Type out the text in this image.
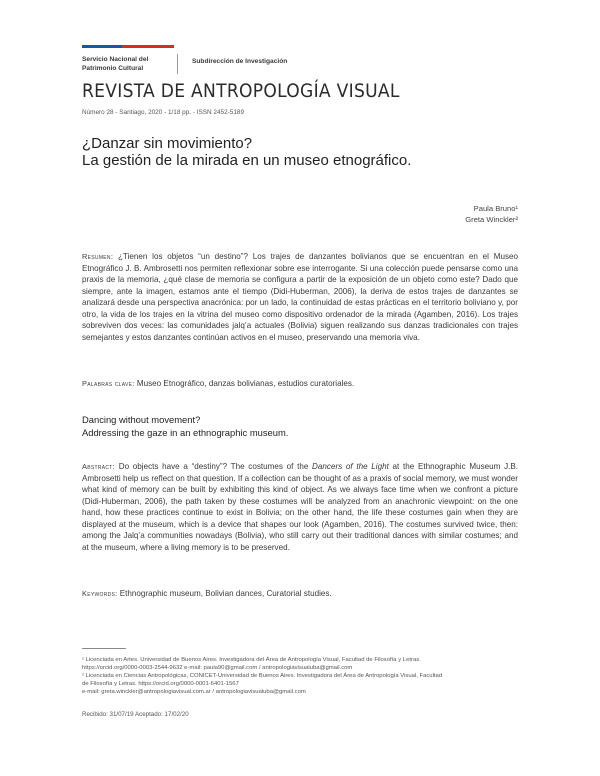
Servicio Nacional del
Patrimonio Cultural
Subdirección de Investigación
REVISTA DE ANTROPOLOGÍA VISUAL
Número 28 - Santiago, 2020 - 1/18 pp. - ISSN 2452-5189
¿Danzar sin movimiento?
La gestión de la mirada en un museo etnográfico.
Paula Bruno¹
Greta Winckler²
Resumen: ¿Tienen los objetos “un destino”? Los trajes de danzantes bolivianos que se encuentran en el Museo Etnográfico J. B. Ambrosetti nos permiten reflexionar sobre ese interrogante. Si una colección puede pensarse como una praxis de la memoria, ¿qué clase de memoria se configura a partir de la exposición de un objeto como este? Dado que siempre, ante la imagen, estamos ante el tiempo (Didi-Huberman, 2006), la deriva de estos trajes de danzantes se analizará desde una perspectiva anacrónica: por un lado, la continuidad de estas prácticas en el territorio boliviano y, por otro, la vida de los trajes en la vitrina del museo como dispositivo ordenador de la mirada (Agamben, 2016). Los trajes sobreviven dos veces: las comunidades jalq’a actuales (Bolivia) siguen realizando sus danzas tradicionales con trajes semejantes y estos danzantes continúan activos en el museo, preservando una memoria viva.
Palabras clave: Museo Etnográfico, danzas bolivianas, estudios curatoriales.
Dancing without movement?
Addressing the gaze in an ethnographic museum.
Abstract: Do objects have a “destiny”? The costumes of the Dancers of the Light at the Ethnographic Museum J.B. Ambrosetti help us reflect on that question. If a collection can be thought of as a praxis of social memory, we must wonder what kind of memory can be built by exhibiting this kind of object. As we always face time when we confront a picture (Didi-Huberman, 2006), the path taken by these costumes will be analyzed from an anachronic viewpoint: on the one hand, how these practices continue to exist in Bolivia; on the other hand, the life these costumes gain when they are displayed at the museum, which is a device that shapes our look (Agamben, 2016). The costumes survived twice, then: among the Jalq’a communities nowadays (Bolivia), who still carry out their traditional dances with similar costumes; and at the museum, where a living memory is to be preserved.
Keywords: Ethnographic museum, Bolivian dances, Curatorial studies.
¹ Licenciada en Artes. Universidad de Buenos Aires. Investigadora del Área de Antropología Visual, Facultad de Filosofía y Letras.
https://orcid.org/0000-0003-2544-9632 e-mail: paula90@gmail.com / antropologiavisualuba@gmail.com
² Licenciada en Ciencias Antropológicas, CONICET-Universidad de Buenos Aires. Investigadora del Área de Antropología Visual, Facultad
de Filosofía y Letras. https://orcid.org/0000-0001-6401-1567
e-mail: greta.winckler@antropologiavisual.com.ar / antropologiavisualuba@gmail.com
Recibido: 31/07/19 Aceptado: 17/02/20
